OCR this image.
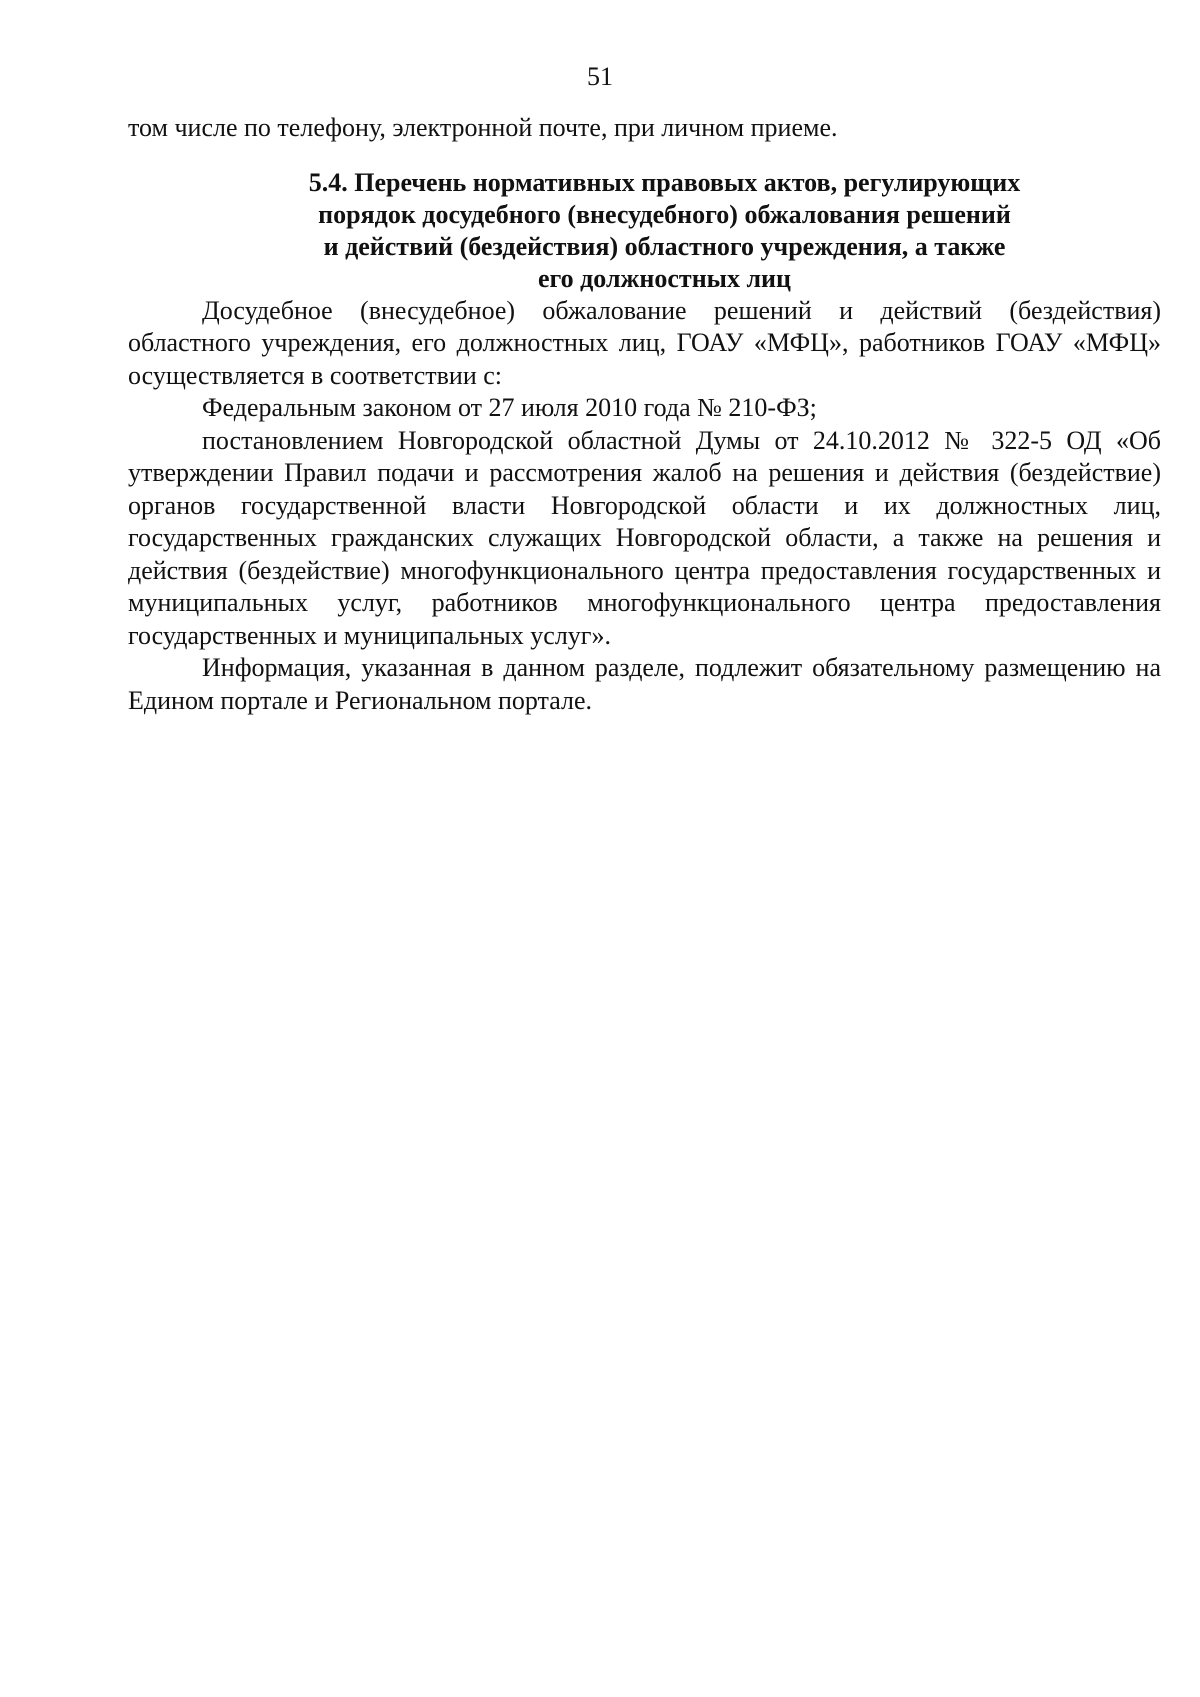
51

том числе по телефону, электронной почте, при личном приеме.

5.4. Перечень нормативных правовых актов, регулирующих
порядок досудебного (внесудебного) обжалования решений
и действий (бездействия) областного учреждения, а также
его должностных лиц

Досудебное (внесудебное) обжалование решений и действий (бездействия) областного учреждения, его должностных лиц, ГОАУ «МФЦ», работников ГОАУ «МФЦ» осуществляется в соответствии с:

Федеральным законом от 27 июля 2010 года № 210-ФЗ;

постановлением Новгородской областной Думы от 24.10.2012 № 322-5 ОД «Об утверждении Правил подачи и рассмотрения жалоб на решения и действия (бездействие) органов государственной власти Новгородской области и их должностных лиц, государственных гражданских служащих Новгородской области, а также на решения и действия (бездействие) многофункционального центра предоставления государственных и муниципальных услуг, работников многофункционального центра предоставления государственных и муниципальных услуг».

Информация, указанная в данном разделе, подлежит обязательному размещению на Едином портале и Региональном портале.
